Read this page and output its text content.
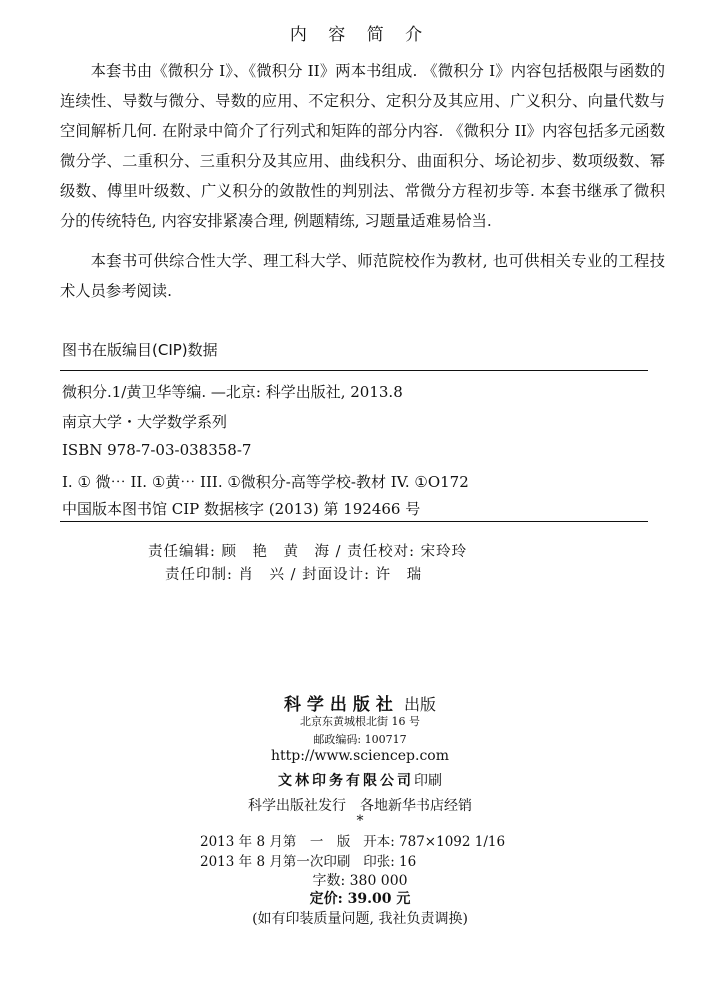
内 容 简 介

本套书由《微积分 I》、《微积分 II》两本书组成. 《微积分 I》内容包括极限与函数的连续性、导数与微分、导数的应用、不定积分、定积分及其应用、广义积分、向量代数与空间解析几何. 在附录中简介了行列式和矩阵的部分内容. 《微积分 II》内容包括多元函数微分学、二重积分、三重积分及其应用、曲线积分、曲面积分、场论初步、数项级数、幂级数、傅里叶级数、广义积分的敛散性的判别法、常微分方程初步等. 本套书继承了微积分的传统特色, 内容安排紧凑合理, 例题精练, 习题量适难易恰当.

本套书可供综合性大学、理工科大学、师范院校作为教材, 也可供相关专业的工程技术人员参考阅读.

图书在版编目(CIP)数据
微积分.1/黄卫华等编. —北京: 科学出版社, 2013.8
南京大学・大学数学系列
ISBN 978-7-03-038358-7
I. ① 微⋯ II. ①黄⋯ III. ①微积分-高等学校-教材 IV. ①O172
中国版本图书馆 CIP 数据核字 (2013) 第 192466 号
责任编辑: 顾　艳　黄　海 / 责任校对: 宋玲玲
责任印制: 肖　兴 / 封面设计: 许　瑞
科学出版社 出版
北京东黄城根北街 16 号
邮政编码: 100717
http://www.sciencep.com
文林印务有限公司印刷
科学出版社发行　各地新华书店经销
*
2013 年 8 月第　一　版 开本: 787×1092 1/16
2013 年 8 月第一次印刷 印张: 16
字数: 380 000
定价: 39.00 元
(如有印装质量问题, 我社负责调换)
